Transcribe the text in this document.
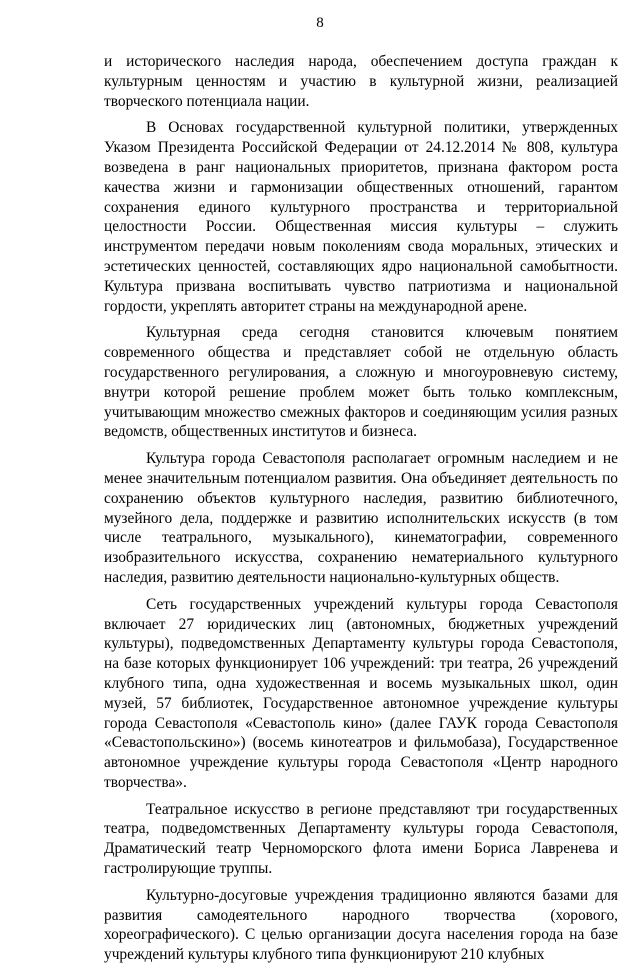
8

и исторического наследия народа, обеспечением доступа граждан к культурным ценностям и участию в культурной жизни, реализацией творческого потенциала нации.

В Основах государственной культурной политики, утвержденных Указом Президента Российской Федерации от 24.12.2014 № 808, культура возведена в ранг национальных приоритетов, признана фактором роста качества жизни и гармонизации общественных отношений, гарантом сохранения единого культурного пространства и территориальной целостности России. Общественная миссия культуры – служить инструментом передачи новым поколениям свода моральных, этических и эстетических ценностей, составляющих ядро национальной самобытности. Культура призвана воспитывать чувство патриотизма и национальной гордости, укреплять авторитет страны на международной арене.

Культурная среда сегодня становится ключевым понятием современного общества и представляет собой не отдельную область государственного регулирования, а сложную и многоуровневую систему, внутри которой решение проблем может быть только комплексным, учитывающим множество смежных факторов и соединяющим усилия разных ведомств, общественных институтов и бизнеса.

Культура города Севастополя располагает огромным наследием и не менее значительным потенциалом развития. Она объединяет деятельность по сохранению объектов культурного наследия, развитию библиотечного, музейного дела, поддержке и развитию исполнительских искусств (в том числе театрального, музыкального), кинематографии, современного изобразительного искусства, сохранению нематериального культурного наследия, развитию деятельности национально-культурных обществ.

Сеть государственных учреждений культуры города Севастополя включает 27 юридических лиц (автономных, бюджетных учреждений культуры), подведомственных Департаменту культуры города Севастополя, на базе которых функционирует 106 учреждений: три театра, 26 учреждений клубного типа, одна художественная и восемь музыкальных школ, один музей, 57 библиотек, Государственное автономное учреждение культуры города Севастополя «Севастополь кино» (далее ГАУК города Севастополя «Севастопольскино») (восемь кинотеатров и фильмобаза), Государственное автономное учреждение культуры города Севастополя «Центр народного творчества».

Театральное искусство в регионе представляют три государственных театра, подведомственных Департаменту культуры города Севастополя, Драматический театр Черноморского флота имени Бориса Лавренева и гастролирующие труппы.

Культурно-досуговые учреждения традиционно являются базами для развития самодеятельного народного творчества (хорового, хореографического). С целью организации досуга населения города на базе учреждений культуры клубного типа функционируют 210 клубных
